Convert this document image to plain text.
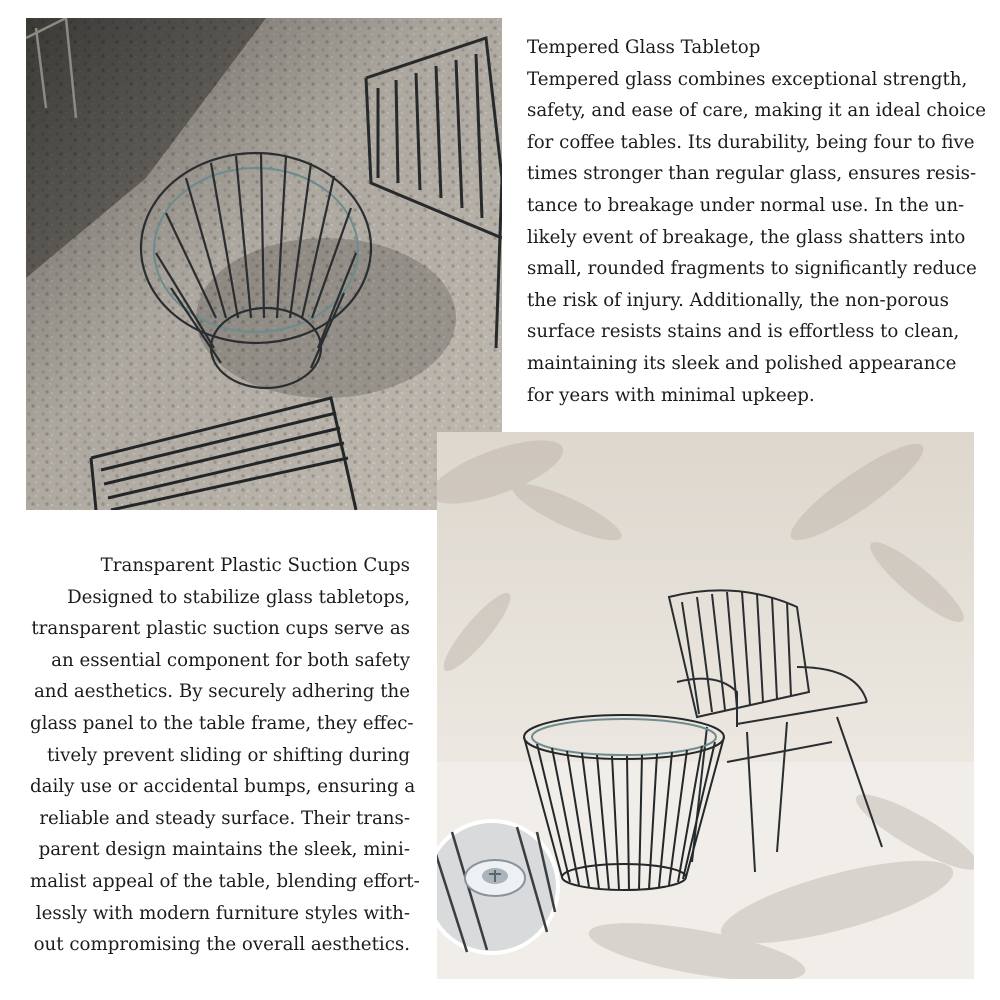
Tempered Glass Tabletop

Tempered glass combines exceptional strength,
safety, and ease of care, making it an ideal choice
for coffee tables. Its durability, being four to five
times stronger than regular glass, ensures resis-
tance to breakage under normal use. In the un-
likely event of breakage, the glass shatters into
small, rounded fragments to significantly reduce
the risk of injury. Additionally, the non-porous
surface resists stains and is effortless to clean,
maintaining its sleek and polished appearance
for years with minimal upkeep.

Transparent Plastic Suction Cups

Designed to stabilize glass tabletops,
transparent plastic suction cups serve as
an essential component for both safety
and aesthetics. By securely adhering the
glass panel to the table frame, they effec-
tively prevent sliding or shifting during
daily use or accidental bumps, ensuring a
reliable and steady surface. Their trans-
parent design maintains the sleek, mini-
malist appeal of the table, blending effort-
lessly with modern furniture styles with-
out compromising the overall aesthetics.
